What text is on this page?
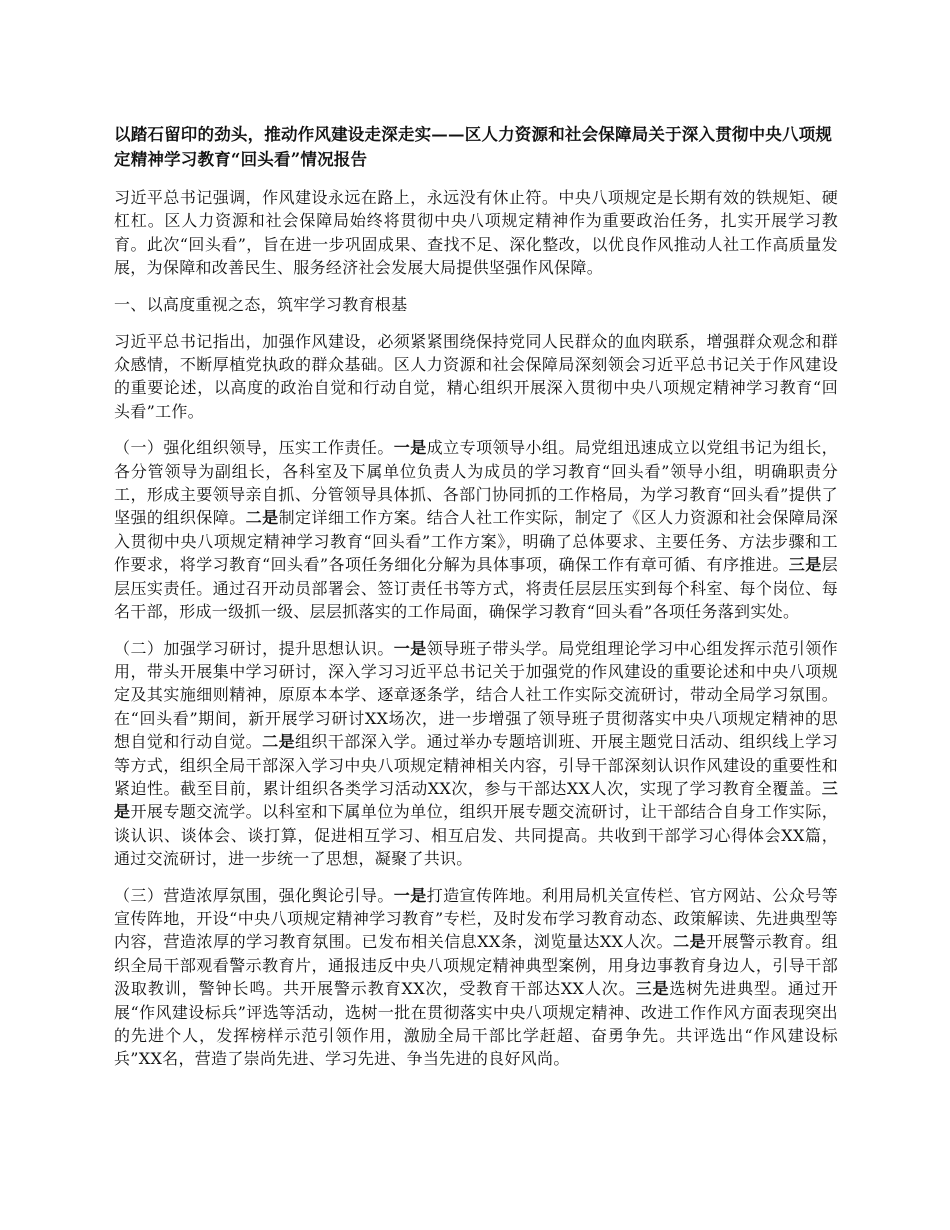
以踏石留印的劲头，推动作风建设走深走实——区人力资源和社会保障局关于深入贯彻中央八项规定精神学习教育“回头看”情况报告

习近平总书记强调，作风建设永远在路上，永远没有休止符。中央八项规定是长期有效的铁规矩、硬杠杠。区人力资源和社会保障局始终将贯彻中央八项规定精神作为重要政治任务，扎实开展学习教育。此次“回头看”，旨在进一步巩固成果、查找不足、深化整改，以优良作风推动人社工作高质量发展，为保障和改善民生、服务经济社会发展大局提供坚强作风保障。

一、以高度重视之态，筑牢学习教育根基

习近平总书记指出，加强作风建设，必须紧紧围绕保持党同人民群众的血肉联系，增强群众观念和群众感情，不断厚植党执政的群众基础。区人力资源和社会保障局深刻领会习近平总书记关于作风建设的重要论述，以高度的政治自觉和行动自觉，精心组织开展深入贯彻中央八项规定精神学习教育“回头看”工作。

（一）强化组织领导，压实工作责任。一是成立专项领导小组。局党组迅速成立以党组书记为组长，各分管领导为副组长，各科室及下属单位负责人为成员的学习教育“回头看”领导小组，明确职责分工，形成主要领导亲自抓、分管领导具体抓、各部门协同抓的工作格局，为学习教育“回头看”提供了坚强的组织保障。二是制定详细工作方案。结合人社工作实际，制定了《区人力资源和社会保障局深入贯彻中央八项规定精神学习教育“回头看”工作方案》，明确了总体要求、主要任务、方法步骤和工作要求，将学习教育“回头看”各项任务细化分解为具体事项，确保工作有章可循、有序推进。三是层层压实责任。通过召开动员部署会、签订责任书等方式，将责任层层压实到每个科室、每个岗位、每名干部，形成一级抓一级、层层抓落实的工作局面，确保学习教育“回头看”各项任务落到实处。

（二）加强学习研讨，提升思想认识。一是领导班子带头学。局党组理论学习中心组发挥示范引领作用，带头开展集中学习研讨，深入学习习近平总书记关于加强党的作风建设的重要论述和中央八项规定及其实施细则精神，原原本本学、逐章逐条学，结合人社工作实际交流研讨，带动全局学习氛围。在“回头看”期间，新开展学习研讨XX场次，进一步增强了领导班子贯彻落实中央八项规定精神的思想自觉和行动自觉。二是组织干部深入学。通过举办专题培训班、开展主题党日活动、组织线上学习等方式，组织全局干部深入学习中央八项规定精神相关内容，引导干部深刻认识作风建设的重要性和紧迫性。截至目前，累计组织各类学习活动XX次，参与干部达XX人次，实现了学习教育全覆盖。三是开展专题交流学。以科室和下属单位为单位，组织开展专题交流研讨，让干部结合自身工作实际，谈认识、谈体会、谈打算，促进相互学习、相互启发、共同提高。共收到干部学习心得体会XX篇，通过交流研讨，进一步统一了思想，凝聚了共识。

（三）营造浓厚氛围，强化舆论引导。一是打造宣传阵地。利用局机关宣传栏、官方网站、公众号等宣传阵地，开设“中央八项规定精神学习教育”专栏，及时发布学习教育动态、政策解读、先进典型等内容，营造浓厚的学习教育氛围。已发布相关信息XX条，浏览量达XX人次。二是开展警示教育。组织全局干部观看警示教育片，通报违反中央八项规定精神典型案例，用身边事教育身边人，引导干部汲取教训，警钟长鸣。共开展警示教育XX次，受教育干部达XX人次。三是选树先进典型。通过开展“作风建设标兵”评选等活动，选树一批在贯彻落实中央八项规定精神、改进工作作风方面表现突出的先进个人，发挥榜样示范引领作用，激励全局干部比学赶超、奋勇争先。共评选出“作风建设标兵”XX名，营造了崇尚先进、学习先进、争当先进的良好风尚。
